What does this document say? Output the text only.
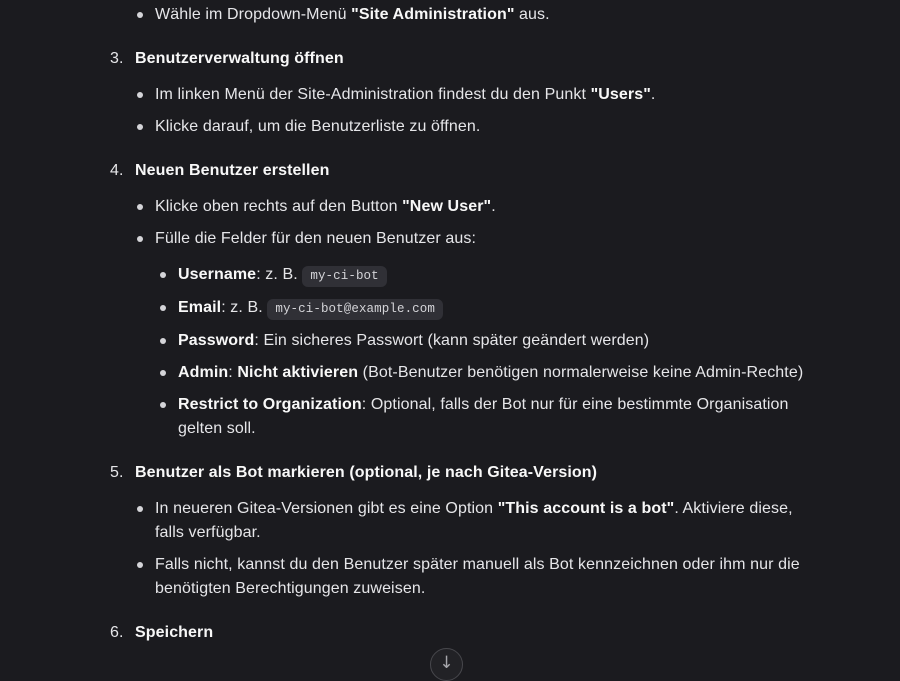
Wähle im Dropdown-Menü "Site Administration" aus.
3. Benutzerverwaltung öffnen
Im linken Menü der Site-Administration findest du den Punkt "Users".
Klicke darauf, um die Benutzerliste zu öffnen.
4. Neuen Benutzer erstellen
Klicke oben rechts auf den Button "New User".
Fülle die Felder für den neuen Benutzer aus:
Username: z. B. my-ci-bot
Email: z. B. my-ci-bot@example.com
Password: Ein sicheres Passwort (kann später geändert werden)
Admin: Nicht aktivieren (Bot-Benutzer benötigen normalerweise keine Admin-Rechte)
Restrict to Organization: Optional, falls der Bot nur für eine bestimmte Organisation gelten soll.
5. Benutzer als Bot markieren (optional, je nach Gitea-Version)
In neueren Gitea-Versionen gibt es eine Option "This account is a bot". Aktiviere diese, falls verfügbar.
Falls nicht, kannst du den Benutzer später manuell als Bot kennzeichnen oder ihm nur die benötigten Berechtigungen zuweisen.
6. Speichern
↓
